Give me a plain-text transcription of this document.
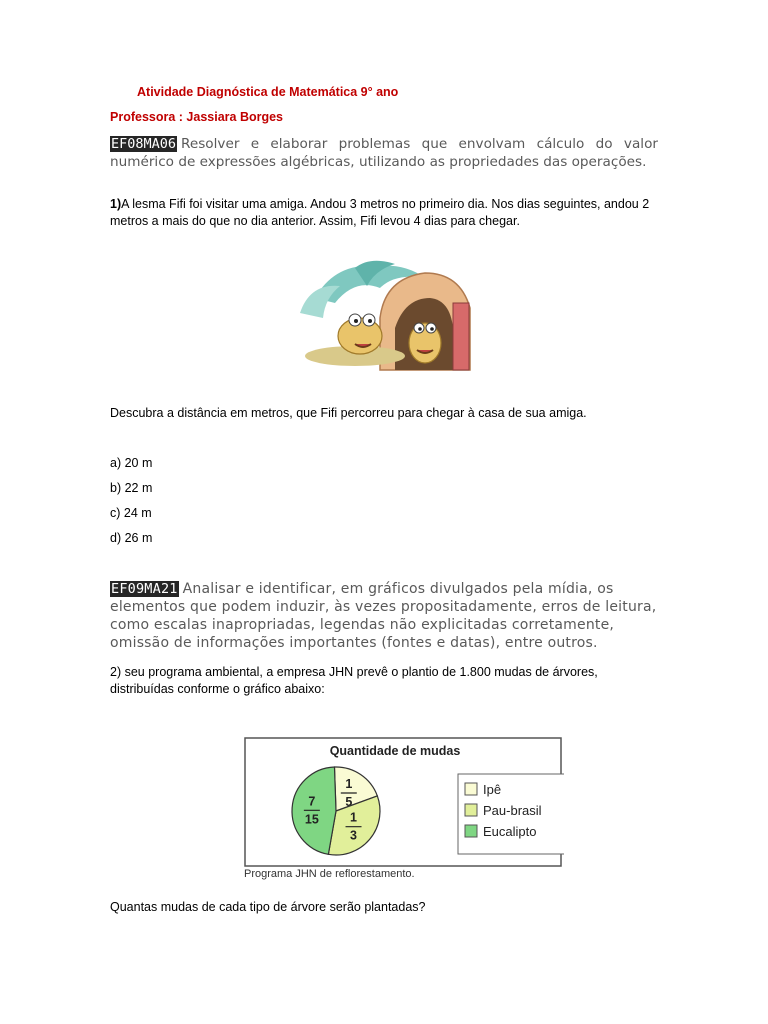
Atividade Diagnóstica de Matemática 9° ano
Professora : Jassiara Borges
EF08MA06 Resolver e elaborar problemas que envolvam cálculo do valor numérico de expressões algébricas, utilizando as propriedades das operações.
1)A lesma Fifi foi visitar uma amiga. Andou 3 metros no primeiro dia. Nos dias seguintes, andou 2 metros a mais do que no dia anterior. Assim, Fifi levou 4 dias para chegar.
Descubra a distância em metros, que Fifi percorreu para chegar à casa de sua amiga.
a) 20 m
b) 22 m
c) 24 m
d) 26 m
EF09MA21 Analisar e identificar, em gráficos divulgados pela mídia, os elementos que podem induzir, às vezes propositadamente, erros de leitura, como escalas inapropriadas, legendas não explicitadas corretamente, omissão de informações importantes (fontes e datas), entre outros.
2) seu programa ambiental, a empresa JHN prevê o plantio de 1.800 mudas de árvores, distribuídas conforme o gráfico abaixo:
Quantidade de mudas
1
5
1
3
7
15
Ipê
Pau-brasil
Eucalipto
Programa JHN de reflorestamento.
Quantas mudas de cada tipo de árvore serão plantadas?
